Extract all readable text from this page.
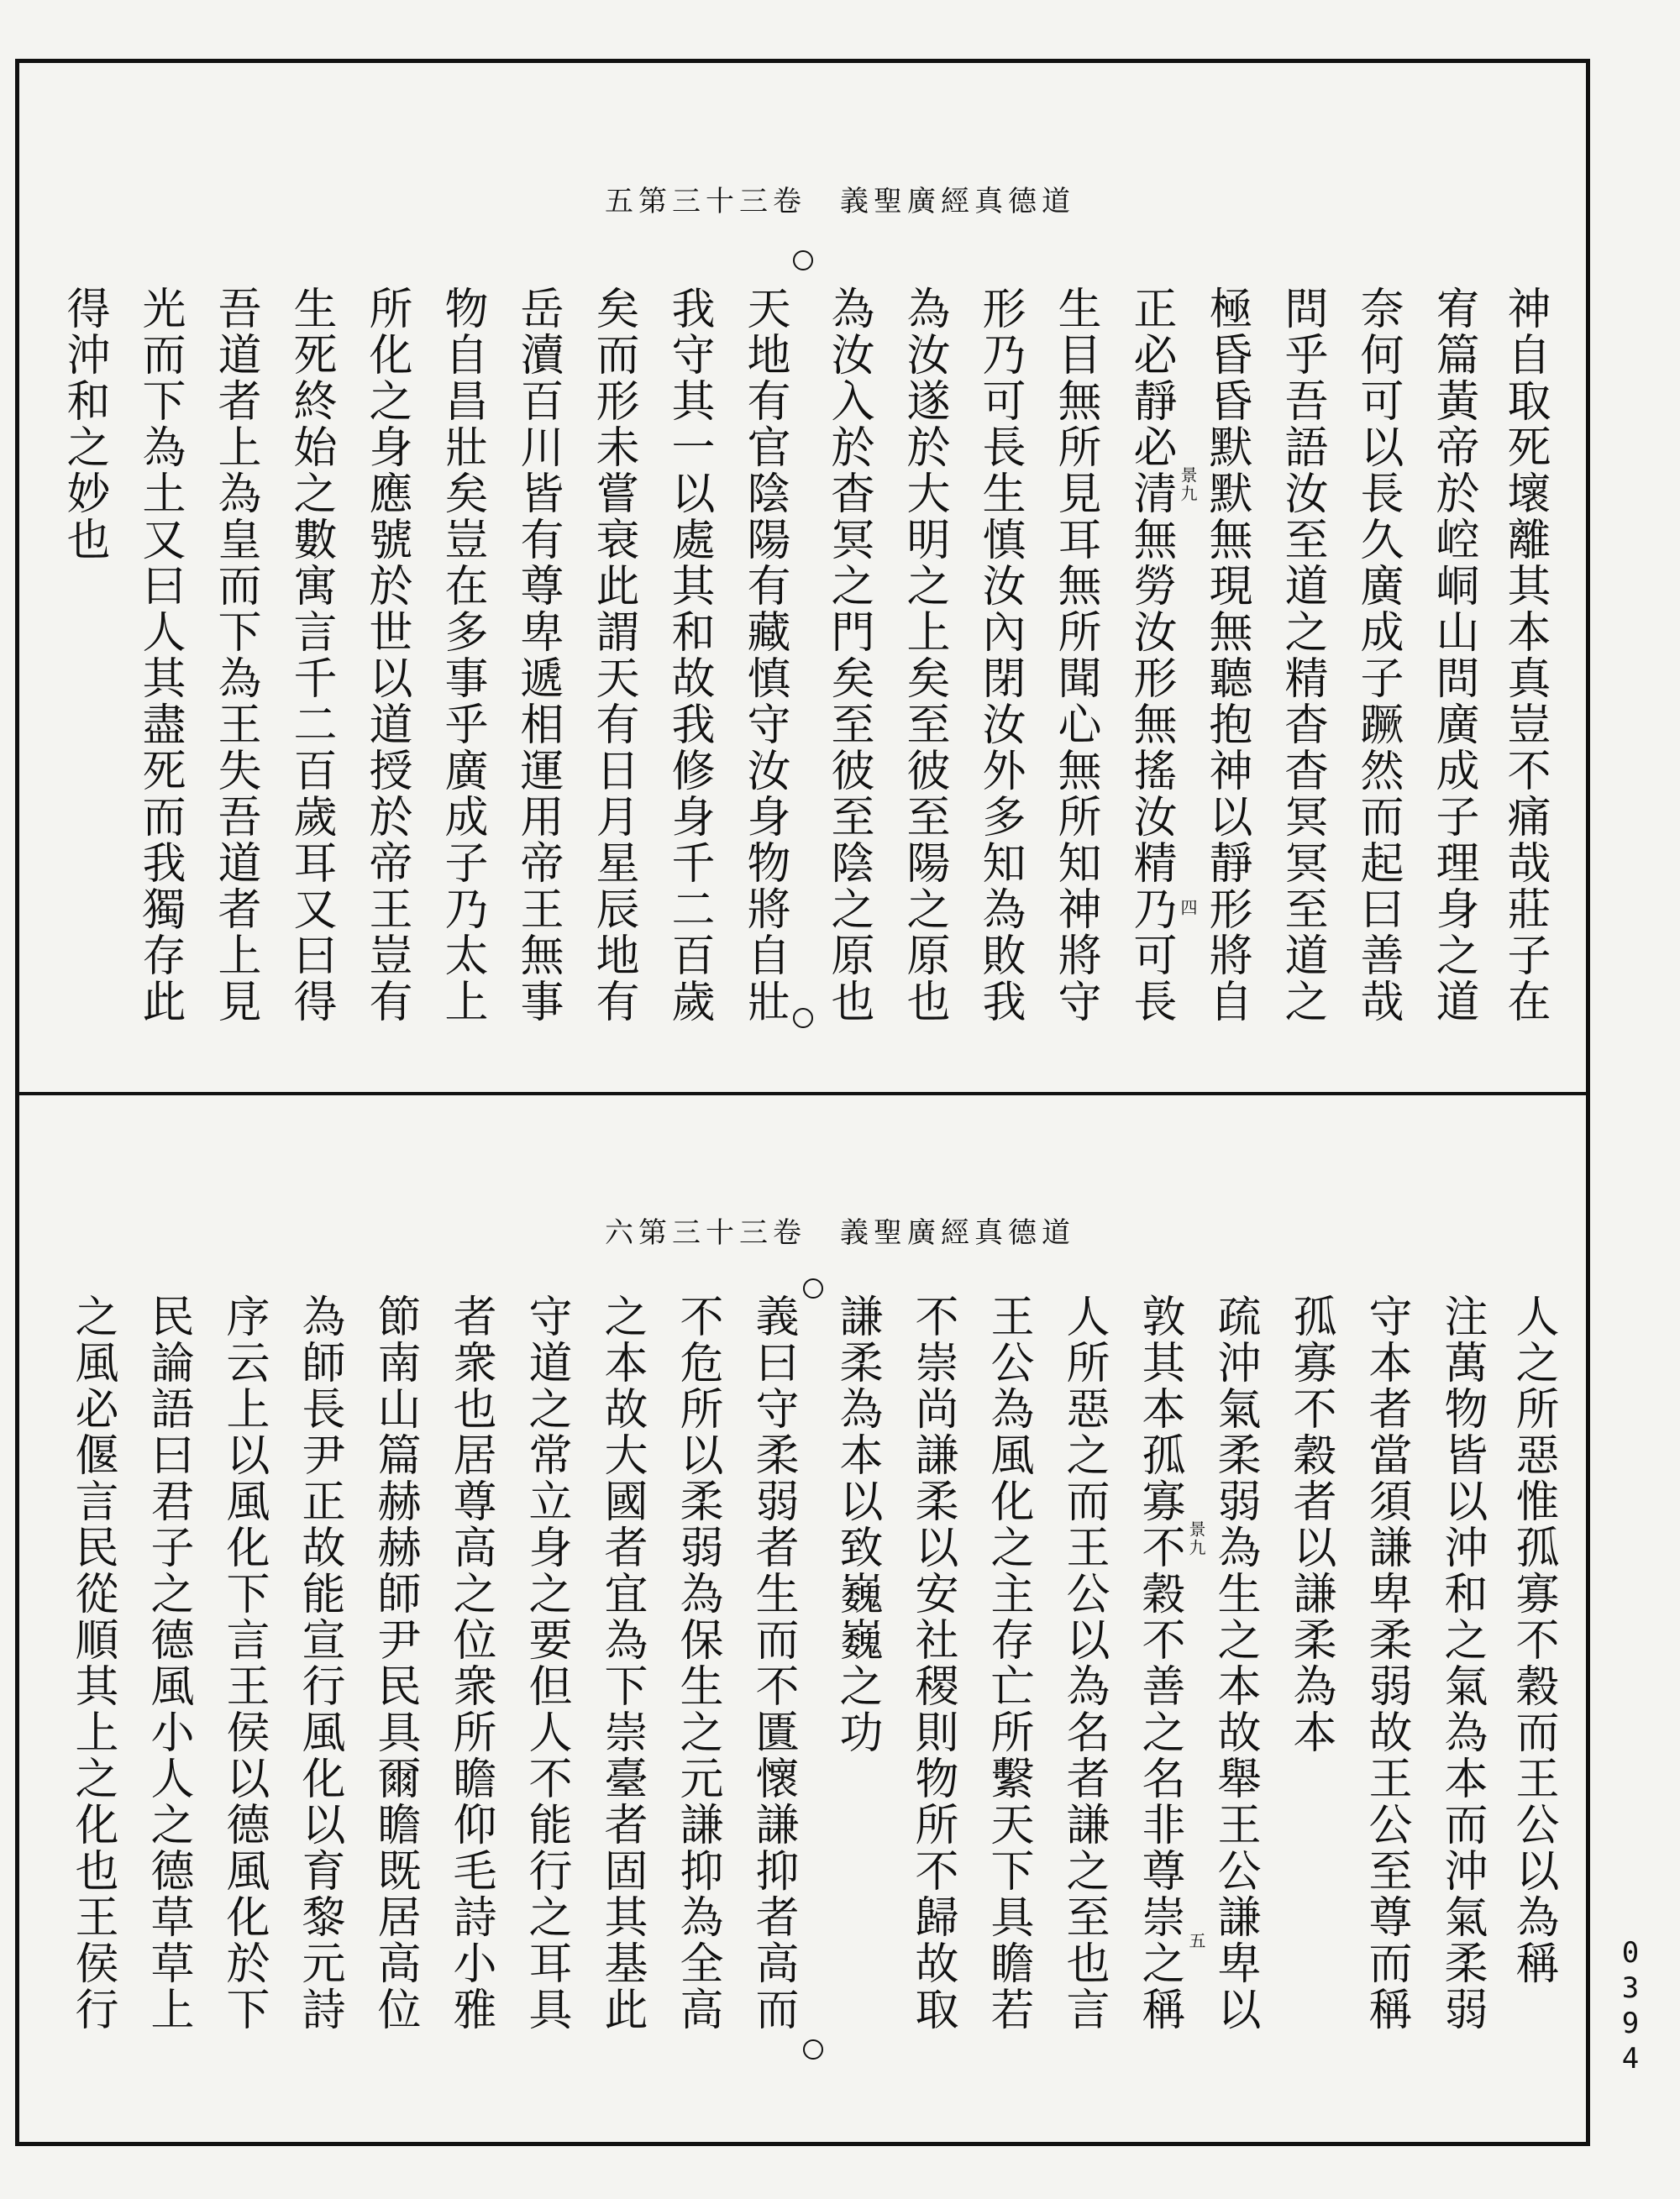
五第三十三卷　義聖廣經真德道
神自取死壞離其本真豈不痛哉莊子在
宥篇黃帝於崆峒山問廣成子理身之道
奈何可以長久廣成子蹶然而起曰善哉
問乎吾語汝至道之精杳杳冥冥至道之
極昏昏默默無現無聽抱神以靜形將自
正必靜必清無勞汝形無搖汝精乃可長
生目無所見耳無所聞心無所知神將守
形乃可長生慎汝內閉汝外多知為敗我
為汝遂於大明之上矣至彼至陽之原也
為汝入於杳冥之門矣至彼至陰之原也
天地有官陰陽有藏慎守汝身物將自壯
我守其一以處其和故我修身千二百歲
矣而形未嘗衰此謂天有日月星辰地有
岳瀆百川皆有尊卑遞相運用帝王無事
物自昌壯矣豈在多事乎廣成子乃太上
所化之身應號於世以道授於帝王豈有
生死終始之數寓言千二百歲耳又曰得
吾道者上為皇而下為王失吾道者上見
光而下為土又曰人其盡死而我獨存此
得沖和之妙也	景九
四
六第三十三卷　義聖廣經真德道
人之所惡惟孤寡不穀而王公以為稱
注萬物皆以沖和之氣為本而沖氣柔弱
守本者當須謙卑柔弱故王公至尊而稱
孤寡不穀者以謙柔為本
疏沖氣柔弱為生之本故舉王公謙卑以
敦其本孤寡不穀不善之名非尊崇之稱
人所惡之而王公以為名者謙之至也言
王公為風化之主存亡所繫天下具瞻若
不崇尚謙柔以安社稷則物所不歸故取
謙柔為本以致巍巍之功
義曰守柔弱者生而不匱懷謙抑者高而
不危所以柔弱為保生之元謙抑為全高
之本故大國者宜為下崇臺者固其基此
守道之常立身之要但人不能行之耳具
者衆也居尊高之位衆所瞻仰毛詩小雅
節南山篇赫赫師尹民具爾瞻既居高位
為師長尹正故能宣行風化以育黎元詩
序云上以風化下言王侯以德風化於下
民論語曰君子之德風小人之德草草上
之風必偃言民從順其上之化也王侯行	景九
五	0394
